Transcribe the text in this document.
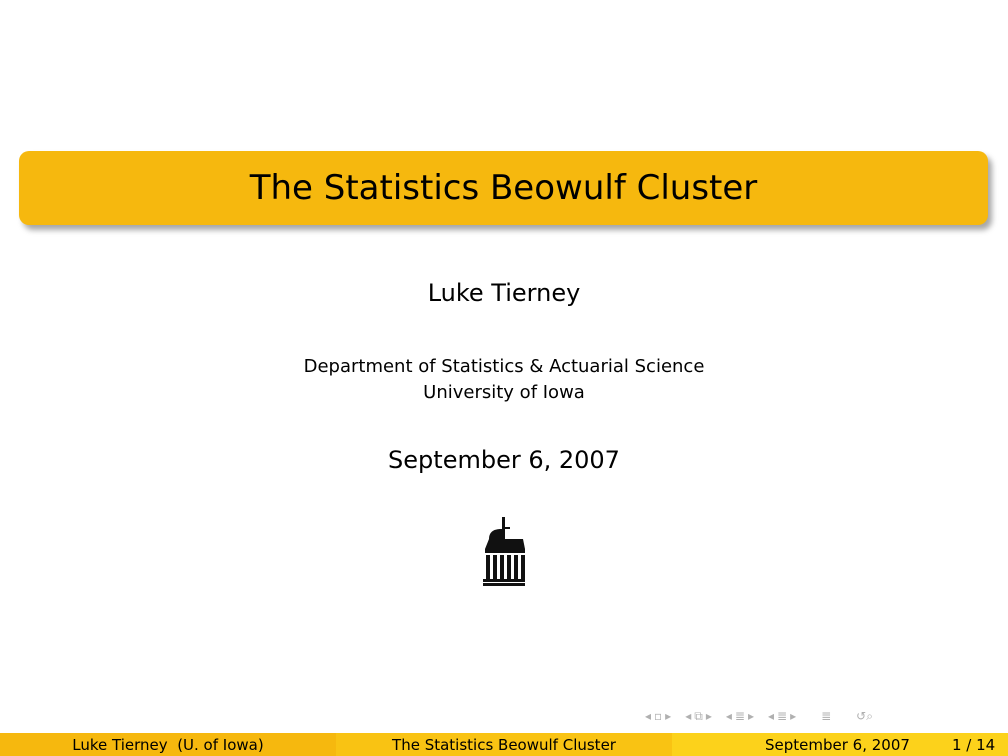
The Statistics Beowulf Cluster
Luke Tierney
Department of Statistics & Actuarial Science
University of Iowa
September 6, 2007
◂ ▫ ▸ ◂ ⧉ ▸ ◂ ≣ ▸ ◂ ≣ ▸ ≣ ↺⌕
Luke Tierney  (U. of Iowa)	The Statistics Beowulf Cluster	September 6, 2007	1 / 14
